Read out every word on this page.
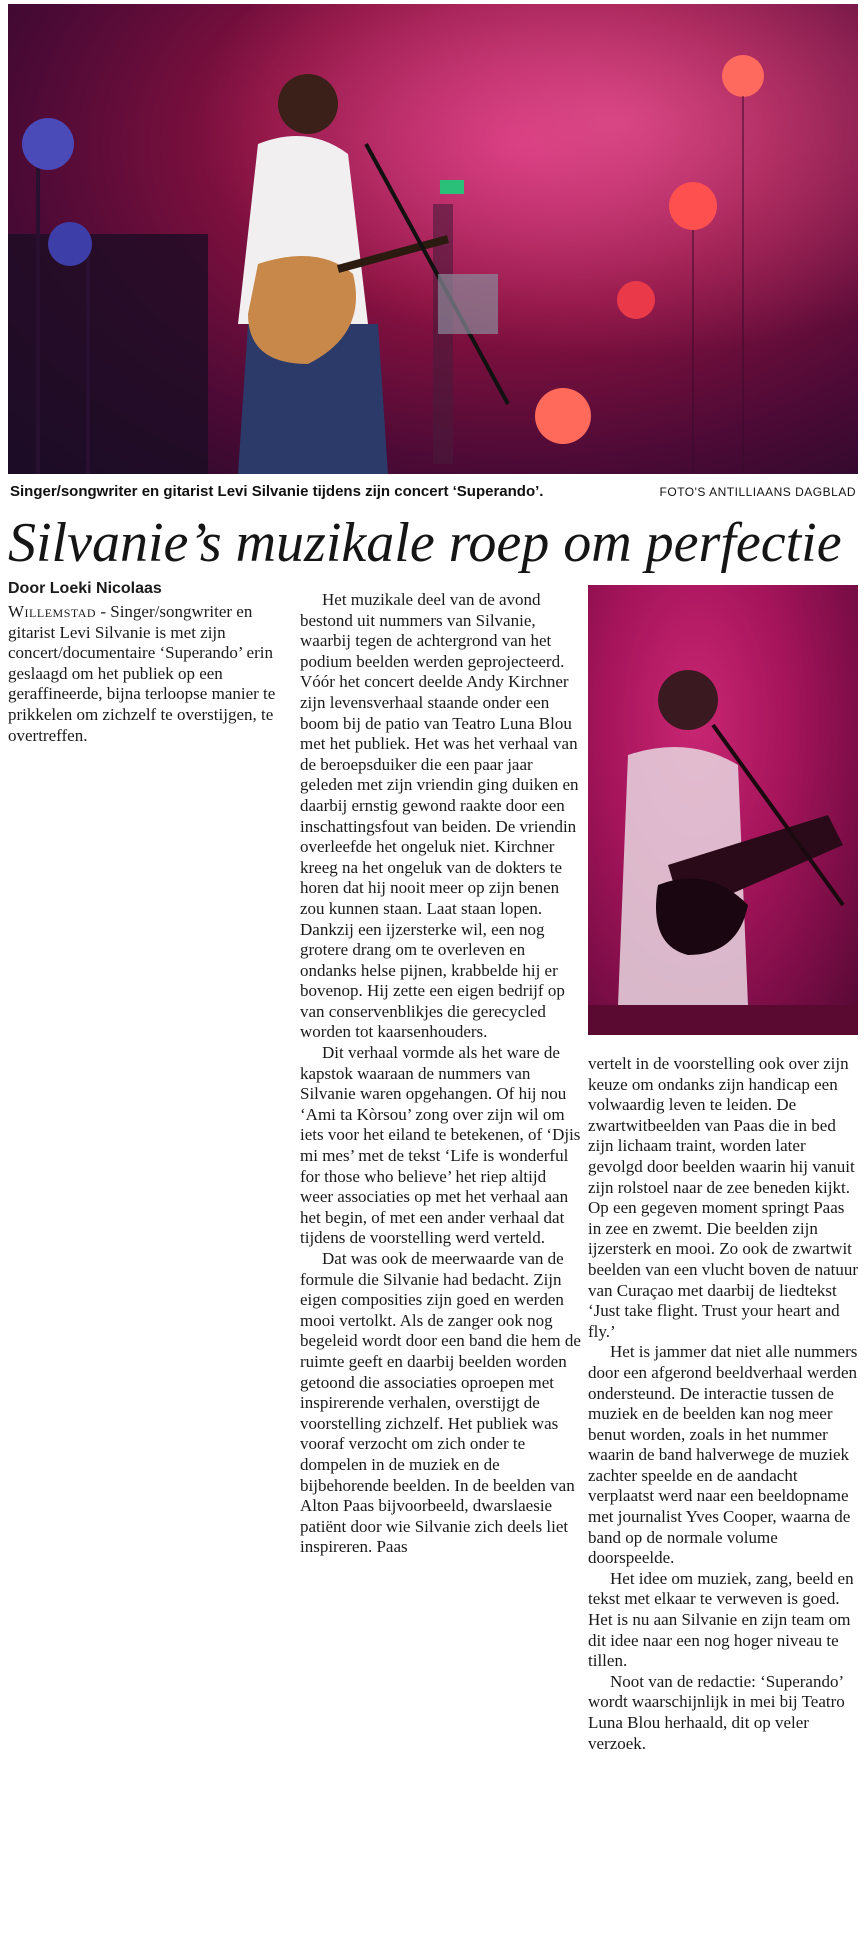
Singer/songwriter en gitarist Levi Silvanie tijdens zijn concert ‘Superando’.	FOTO'S ANTILLIAANS DAGBLAD
Silvanie’s muzikale roep om perfectie
Door Loeki Nicolaas

Willemstad - Singer/songwriter en gitarist Levi Silvanie is met zijn concert/documentaire ‘Superando’ erin geslaagd om het publiek op een geraffineerde, bijna terloopse manier te prikkelen om zichzelf te overstijgen, te overtreffen.

Het muzikale deel van de avond bestond uit nummers van Silvanie, waarbij tegen de achtergrond van het podium beelden werden geprojecteerd. Vóór het concert deelde Andy Kirchner zijn levensverhaal staande onder een boom bij de patio van Teatro Luna Blou met het publiek. Het was het verhaal van de beroepsduiker die een paar jaar geleden met zijn vriendin ging duiken en daarbij ernstig gewond raakte door een inschattingsfout van beiden. De vriendin overleefde het ongeluk niet. Kirchner kreeg na het ongeluk van de dokters te horen dat hij nooit meer op zijn benen zou kunnen staan. Laat staan lopen. Dankzij een ijzersterke wil, een nog grotere drang om te overleven en ondanks helse pijnen, krabbelde hij er bovenop. Hij zette een eigen bedrijf op van conservenblikjes die gerecycled worden tot kaarsenhouders.

Dit verhaal vormde als het ware de kapstok waaraan de nummers van Silvanie waren opgehangen. Of hij nou ‘Ami ta Kòrsou’ zong over zijn wil om iets voor het eiland te betekenen, of ‘Djis mi mes’ met de tekst ‘Life is wonderful for those who believe’ het riep altijd weer associaties op met het verhaal aan het begin, of met een ander verhaal dat tijdens de voorstelling werd verteld.

Dat was ook de meerwaarde van de formule die Silvanie had bedacht. Zijn eigen composities zijn goed en werden mooi vertolkt. Als de zanger ook nog begeleid wordt door een band die hem de ruimte geeft en daarbij beelden worden getoond die associaties oproepen met inspirerende verhalen, overstijgt de voorstelling zichzelf. Het publiek was vooraf verzocht om zich onder te dompelen in de muziek en de bijbehorende beelden. In de beelden van Alton Paas bijvoorbeeld, dwarslaesie patiënt door wie Silvanie zich deels liet inspireren. Paas

vertelt in de voorstelling ook over zijn keuze om ondanks zijn handicap een volwaardig leven te leiden. De zwartwitbeelden van Paas die in bed zijn lichaam traint, worden later gevolgd door beelden waarin hij vanuit zijn rolstoel naar de zee beneden kijkt. Op een gegeven moment springt Paas in zee en zwemt. Die beelden zijn ijzersterk en mooi. Zo ook de zwartwit beelden van een vlucht boven de natuur van Curaçao met daarbij de liedtekst ‘Just take flight. Trust your heart and fly.’

Het is jammer dat niet alle nummers door een afgerond beeldverhaal werden ondersteund. De interactie tussen de muziek en de beelden kan nog meer benut worden, zoals in het nummer waarin de band halverwege de muziek zachter speelde en de aandacht verplaatst werd naar een beeldopname met journalist Yves Cooper, waarna de band op de normale volume doorspeelde.

Het idee om muziek, zang, beeld en tekst met elkaar te verweven is goed. Het is nu aan Silvanie en zijn team om dit idee naar een nog hoger niveau te tillen.

Noot van de redactie: ‘Superando’ wordt waarschijnlijk in mei bij Teatro Luna Blou herhaald, dit op veler verzoek.
